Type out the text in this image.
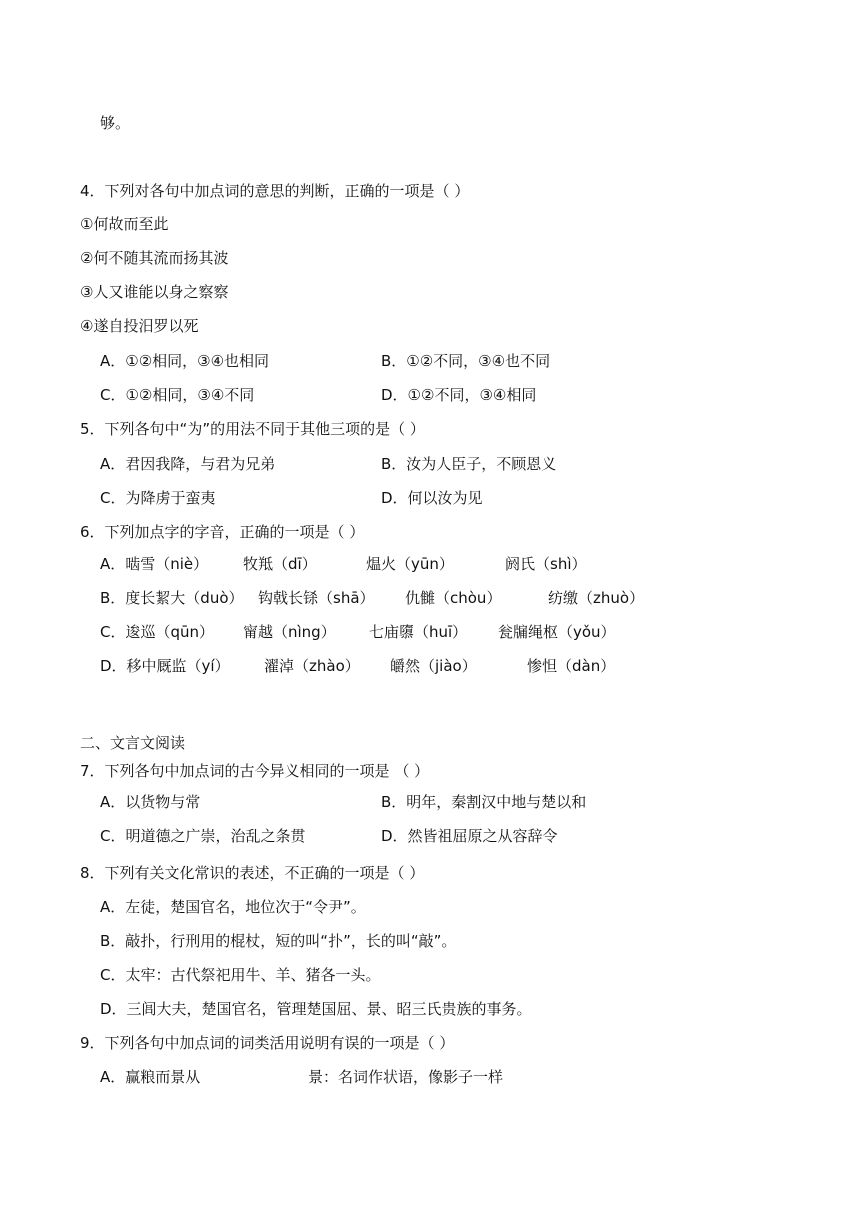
够。
4．下列对各句中加点词的意思的判断，正确的一项是（ ）
①何故而至此
②何不随其流而扬其波
③人又谁能以身之察察
④遂自投汨罗以死
A．①②相同，③④也相同	B．①②不同，③④也不同
C．①②相同，③④不同	D．①②不同，③④相同
5．下列各句中“为”的用法不同于其他三项的是（ ）
A．君因我降，与君为兄弟	B．汝为人臣子，不顾恩义
C．为降虏于蛮夷	D．何以汝为见
6．下列加点字的字音，正确的一项是（ ）
A．啮雪（niè） 牧羝（dī）	煴火（yūn）	阏氏（shì）
B．度长絜大（duò） 钩戟长铩（shā） 仇雠（chòu）	纺缴（zhuò）
C．逡巡（qūn） 甯越（nìng） 七庙隳（huī） 瓮牖绳枢（yǒu）
D．移中厩监（yí） 濯淖（zhào） 皭然（jiào）	惨怛（dàn）
二、文言文阅读
7．下列各句中加点词的古今异义相同的一项是 （ ）
A．以货物与常	B．明年，秦割汉中地与楚以和
C．明道德之广崇，治乱之条贯	D．然皆祖屈原之从容辞令
8．下列有关文化常识的表述，不正确的一项是（ ）
A．左徒，楚国官名，地位次于“令尹”。
B．敲扑，行刑用的棍杖，短的叫“扑”，长的叫“敲”。
C．太牢：古代祭祀用牛、羊、猪各一头。
D．三闾大夫，楚国官名，管理楚国屈、景、昭三氏贵族的事务。
9．下列各句中加点词的词类活用说明有误的一项是（ ）
A．赢粮而景从	景：名词作状语，像影子一样
